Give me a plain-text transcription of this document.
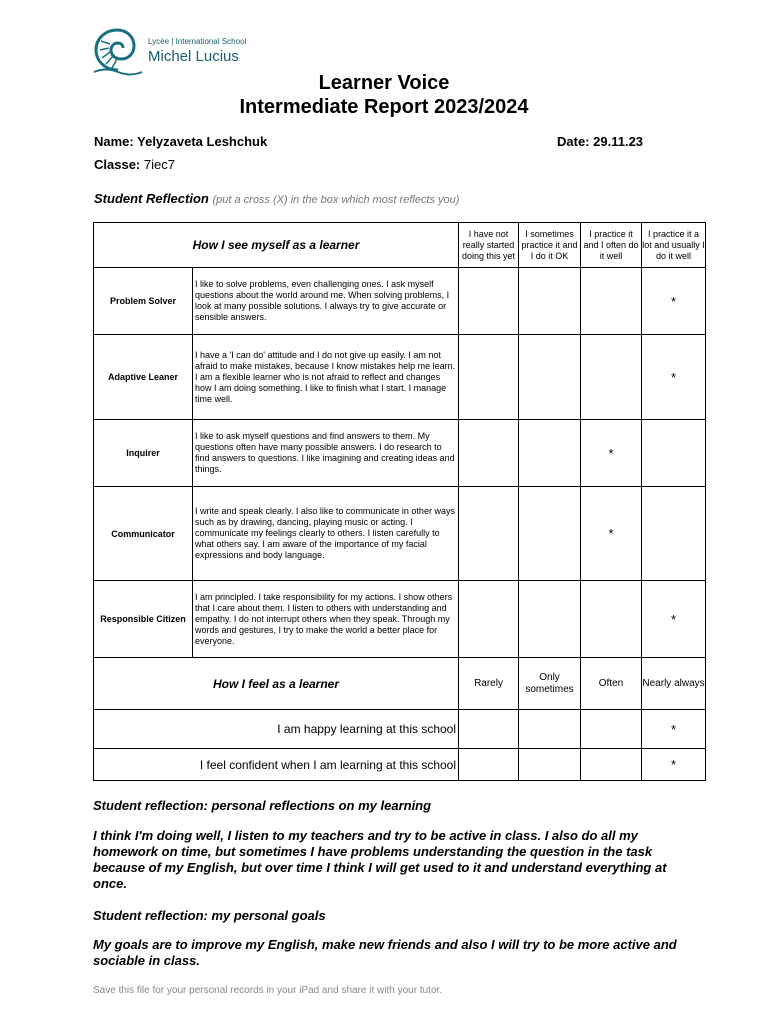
Lycée | International School
Michel Lucius
Learner Voice
Intermediate Report 2023/2024
Name: Yelyzaveta Leshchuk	Date: 29.11.23
Classe: 7iec7
Student Reflection (put a cross (X) in the box which most reflects you)
How I see myself as a learner		I have not really started doing this yet	I sometimes practice it and I do it OK	I practice it and I often do it well	I practice it a lot and usually I do it well
Problem Solver	I like to solve problems, even challenging ones. I ask myself questions about the world around me. When solving problems, I look at many possible solutions. I always try to give accurate or sensible answers.				*
Adaptive Leaner	I have a 'I can do' attitude and I do not give up easily. I am not afraid to make mistakes, because I know mistakes help me learn. I am a flexible learner who is not afraid to reflect and changes how I am doing something. I like to finish what I start. I manage time well.				*
Inquirer	I like to ask myself questions and find answers to them. My questions often have many possible answers. I do research to find answers to questions. I like imagining and creating ideas and things.			*	
Communicator	I write and speak clearly. I also like to communicate in other ways such as by drawing, dancing, playing music or acting. I communicate my feelings clearly to others. I listen carefully to what others say. I am aware of the importance of my facial expressions and body language.			*	
Responsible Citizen	I am principled. I take responsibility for my actions. I show others that I care about them. I listen to others with understanding and empathy. I do not interrupt others when they speak. Through my words and gestures, I try to make the world a better place for everyone.				*
How I feel as a learner		Rarely	Only sometimes	Often	Nearly always
I am happy learning at this school					*
I feel confident when I am learning at this school					*
Student reflection: personal reflections on my learning
I think I'm doing well, I listen to my teachers and try to be active in class. I also do all my homework on time, but sometimes I have problems understanding the question in the task because of my English, but over time I think I will get used to it and understand everything at once.
Student reflection: my personal goals
My goals are to improve my English, make new friends and also I will try to be more active and sociable in class.
Save this file for your personal records in your iPad and share it with your tutor.
